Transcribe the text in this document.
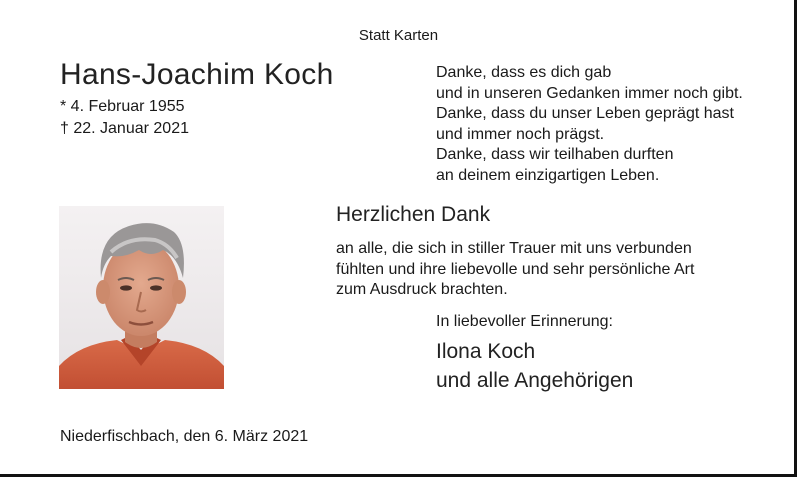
Statt Karten
Hans-Joachim Koch
* 4. Februar 1955
† 22. Januar 2021
Danke, dass es dich gab
und in unseren Gedanken immer noch gibt.
Danke, dass du unser Leben geprägt hast
und immer noch prägst.
Danke, dass wir teilhaben durften
an deinem einzigartigen Leben.
Herzlichen Dank
an alle, die sich in stiller Trauer mit uns verbunden
fühlten und ihre liebevolle und sehr persönliche Art
zum Ausdruck brachten.
In liebevoller Erinnerung:
Ilona Koch
und alle Angehörigen
Niederfischbach, den 6. März 2021
